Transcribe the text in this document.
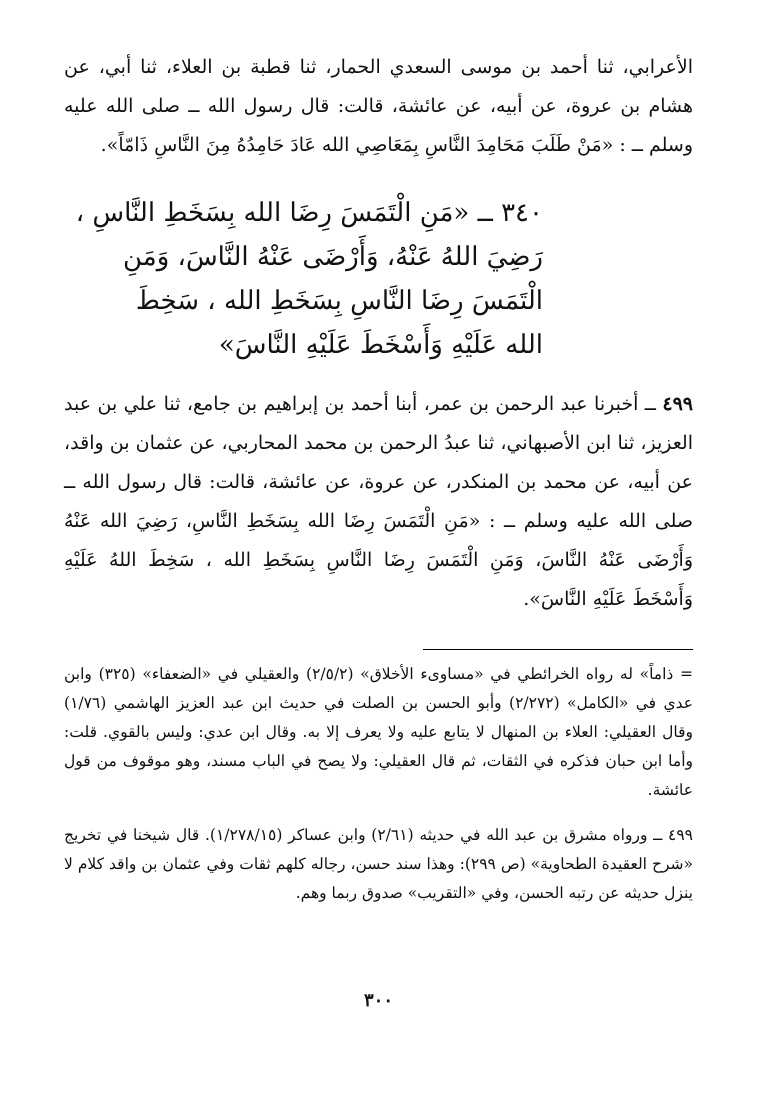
الأعرابي، ثنا أحمد بن موسى السعدي الحمار، ثنا قطبة بن العلاء، ثنا أبي، عن هشام بن عروة، عن أبيه، عن عائشة، قالت: قال رسول الله ــ صلى الله عليه وسلم ــ : «مَنْ طَلَبَ مَحَامِدَ النَّاسِ بِمَعَاصِي الله عَادَ حَامِدُهُ مِنَ النَّاسِ ذَامّاً».

٣٤٠ ــ «مَنِ الْتَمَسَ رِضَا الله بِسَخَطِ النَّاسِ ،
رَضِيَ اللهُ عَنْهُ، وَأَرْضَى عَنْهُ النَّاسَ، وَمَنِ
الْتَمَسَ رِضَا النَّاسِ بِسَخَطِ الله ، سَخِطَ
الله عَلَيْهِ وَأَسْخَطَ عَلَيْهِ النَّاسَ»

٤٩٩ ــ أخبرنا عبد الرحمن بن عمر، أبنا أحمد بن إبراهيم بن جامع، ثنا علي بن عبد العزيز، ثنا ابن الأصبهاني، ثنا عبدُ الرحمن بن محمد المحاربي، عن عثمان بن واقد، عن أبيه، عن محمد بن المنكدر، عن عروة، عن عائشة، قالت: قال رسول الله ــ صلى الله عليه وسلم ــ : «مَنِ الْتَمَسَ رِضَا الله بِسَخَطِ النَّاسِ، رَضِيَ الله عَنْهُ وَأَرْضَى عَنْهُ النَّاسَ، وَمَنِ الْتَمَسَ رِضَا النَّاسِ بِسَخَطِ الله ، سَخِطَ اللهُ عَلَيْهِ وَأَسْخَطَ عَلَيْهِ النَّاسَ».

= ذاماً» له رواه الخرائطي في «مساوىء الأخلاق» (٢/٥/٢) والعقيلي في «الضعفاء» (٣٢٥) وابن عدي في «الكامل» (٢/٢٧٢) وأبو الحسن بن الصلت في حديث ابن عبد العزيز الهاشمي (١/٧٦) وقال العقيلي: العلاء بن المنهال لا يتابع عليه ولا يعرف إلا به. وقال ابن عدي: وليس بالقوي. قلت: وأما ابن حبان فذكره في الثقات، ثم قال العقيلي: ولا يصح في الباب مسند، وهو موقوف من قول عائشة.

٤٩٩ ــ ورواه مشرق بن عبد الله في حديثه (٢/٦١) وابن عساكر (١/٢٧٨/١٥). قال شيخنا في تخريج «شرح العقيدة الطحاوية» (ص ٢٩٩): وهذا سند حسن، رجاله كلهم ثقات وفي عثمان بن واقد كلام لا ينزل حديثه عن رتبه الحسن، وفي «التقريب» صدوق ربما وهم.

٣٠٠
